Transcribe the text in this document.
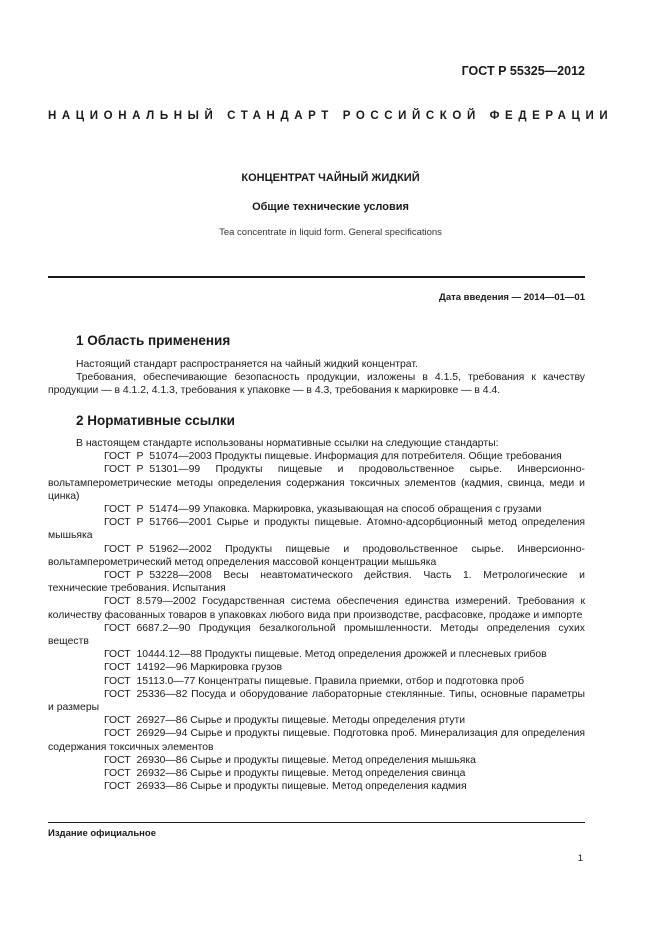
ГОСТ Р 55325—2012
НАЦИОНАЛЬНЫЙ СТАНДАРТ РОССИЙСКОЙ ФЕДЕРАЦИИ
КОНЦЕНТРАТ ЧАЙНЫЙ ЖИДКИЙ
Общие технические условия
Tea concentrate in liquid form. General specifications
Дата введения — 2014—01—01
1 Область применения

Настоящий стандарт распространяется на чайный жидкий концентрат.

Требования, обеспечивающие безопасность продукции, изложены в 4.1.5, требования к качеству продукции — в 4.1.2, 4.1.3, требования к упаковке — в 4.3, требования к маркировке — в 4.4.

2 Нормативные ссылки

В настоящем стандарте использованы нормативные ссылки на следующие стандарты:

ГОСТ Р 51074—2003 Продукты пищевые. Информация для потребителя. Общие требования

ГОСТ Р 51301—99 Продукты пищевые и продовольственное сырье. Инверсионно-вольтамперометрические методы определения содержания токсичных элементов (кадмия, свинца, меди и цинка)

ГОСТ Р 51474—99 Упаковка. Маркировка, указывающая на способ обращения с грузами

ГОСТ Р 51766—2001 Сырье и продукты пищевые. Атомно-адсорбционный метод определения мышьяка

ГОСТ Р 51962—2002 Продукты пищевые и продовольственное сырье. Инверсионно-вольтамперометрический метод определения массовой концентрации мышьяка

ГОСТ Р 53228—2008 Весы неавтоматического действия. Часть 1. Метрологические и технические требования. Испытания

ГОСТ 8.579—2002 Государственная система обеспечения единства измерений. Требования к количеству фасованных товаров в упаковках любого вида при производстве, расфасовке, продаже и импорте

ГОСТ 6687.2—90 Продукция безалкогольной промышленности. Методы определения сухих веществ

ГОСТ 10444.12—88 Продукты пищевые. Метод определения дрожжей и плесневых грибов

ГОСТ 14192—96 Маркировка грузов

ГОСТ 15113.0—77 Концентраты пищевые. Правила приемки, отбор и подготовка проб

ГОСТ 25336—82 Посуда и оборудование лабораторные стеклянные. Типы, основные параметры и размеры

ГОСТ 26927—86 Сырье и продукты пищевые. Методы определения ртути

ГОСТ 26929—94 Сырье и продукты пищевые. Подготовка проб. Минерализация для определения содержания токсичных элементов

ГОСТ 26930—86 Сырье и продукты пищевые. Метод определения мышьяка

ГОСТ 26932—86 Сырье и продукты пищевые. Метод определения свинца

ГОСТ 26933—86 Сырье и продукты пищевые. Метод определения кадмия

Издание официальное
1
